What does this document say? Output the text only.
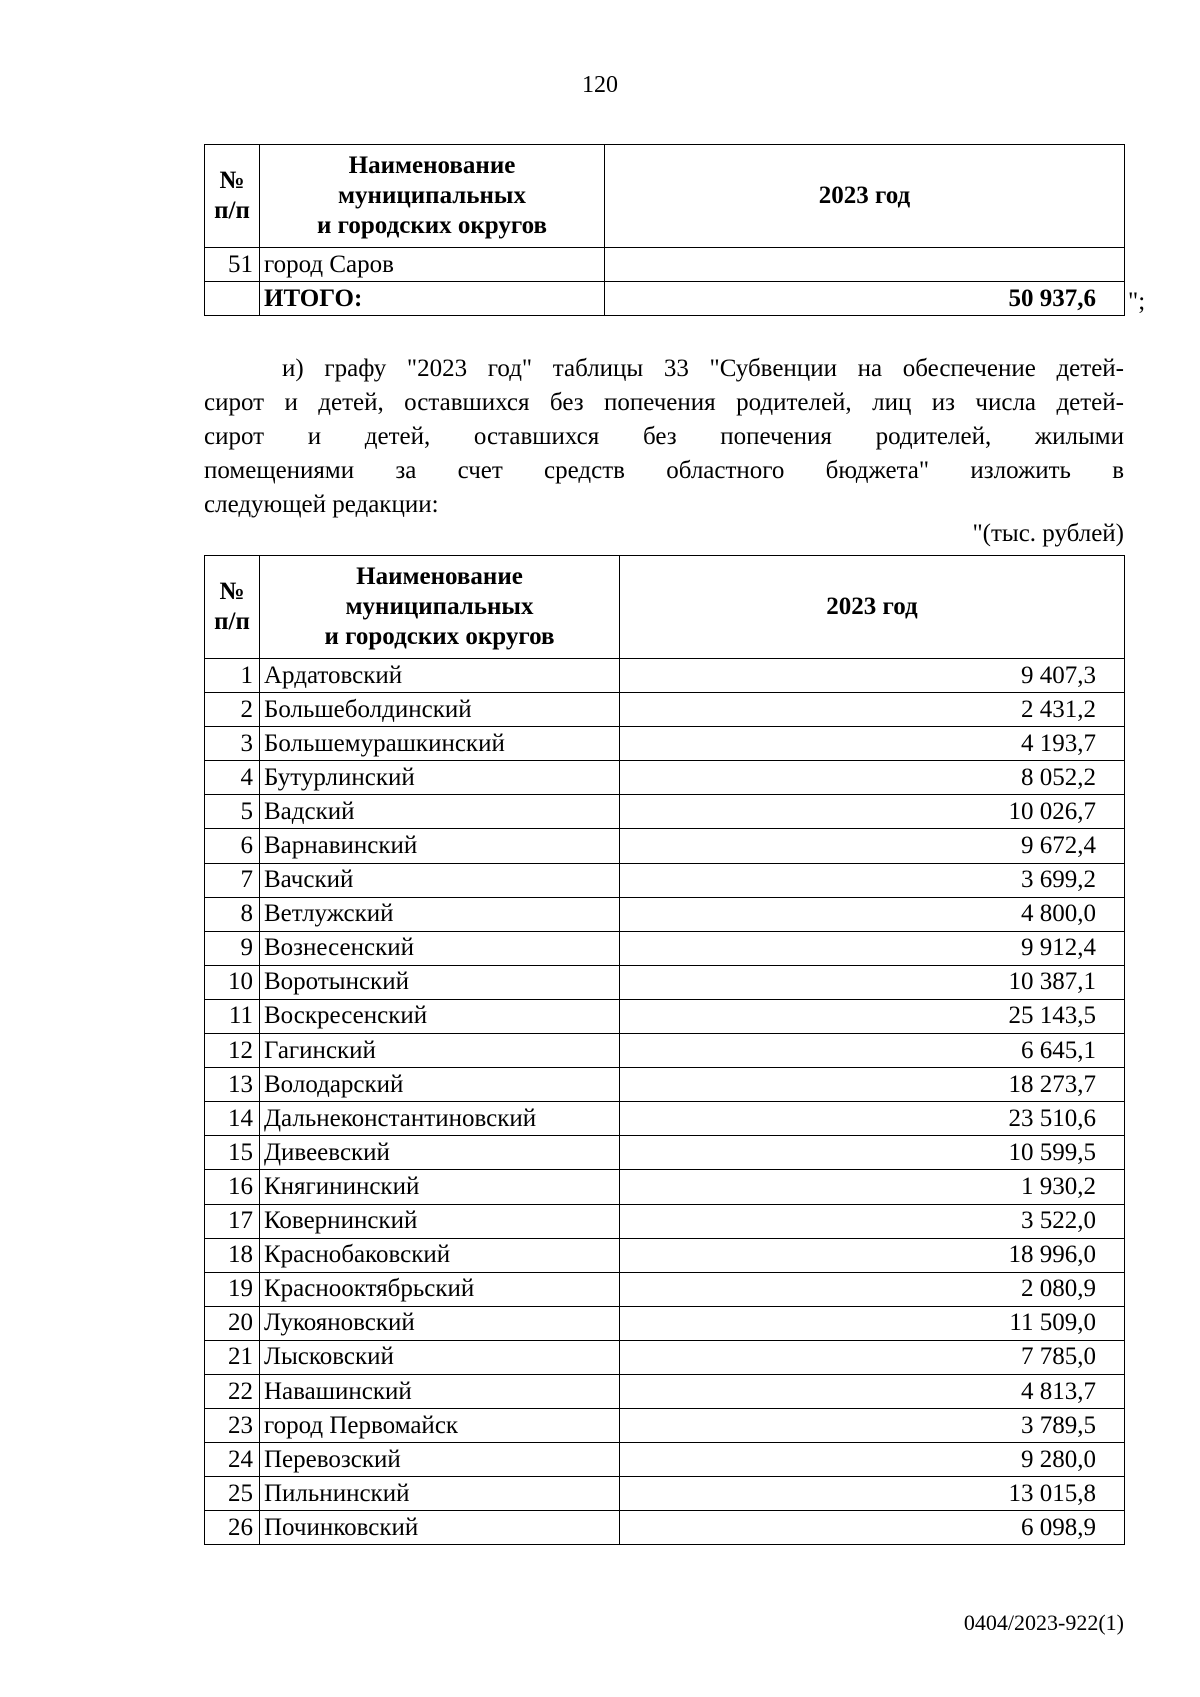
120
№
п/п	Наименование
муниципальных
и городских округов	2023 год
51	город Саров	
	ИТОГО:	50 937,6 ";
и) графу "2023 год" таблицы 33 "Субвенции на обеспечение детей-
сирот и детей, оставшихся без попечения родителей, лиц из числа детей-
сирот и детей, оставшихся без попечения родителей, жилыми
помещениями за счет средств областного бюджета" изложить в
следующей редакции:
"(тыс. рублей)
№
п/п	Наименование
муниципальных
и городских округов	2023 год
1	Ардатовский	9 407,3
2	Большеболдинский	2 431,2
3	Большемурашкинский	4 193,7
4	Бутурлинский	8 052,2
5	Вадский	10 026,7
6	Варнавинский	9 672,4
7	Вачский	3 699,2
8	Ветлужский	4 800,0
9	Вознесенский	9 912,4
10	Воротынский	10 387,1
11	Воскресенский	25 143,5
12	Гагинский	6 645,1
13	Володарский	18 273,7
14	Дальнеконстантиновский	23 510,6
15	Дивеевский	10 599,5
16	Княгининский	1 930,2
17	Ковернинский	3 522,0
18	Краснобаковский	18 996,0
19	Краснооктябрьский	2 080,9
20	Лукояновский	11 509,0
21	Лысковский	7 785,0
22	Навашинский	4 813,7
23	город Первомайск	3 789,5
24	Перевозский	9 280,0
25	Пильнинский	13 015,8
26	Починковский	6 098,9
0404/2023-922(1)
